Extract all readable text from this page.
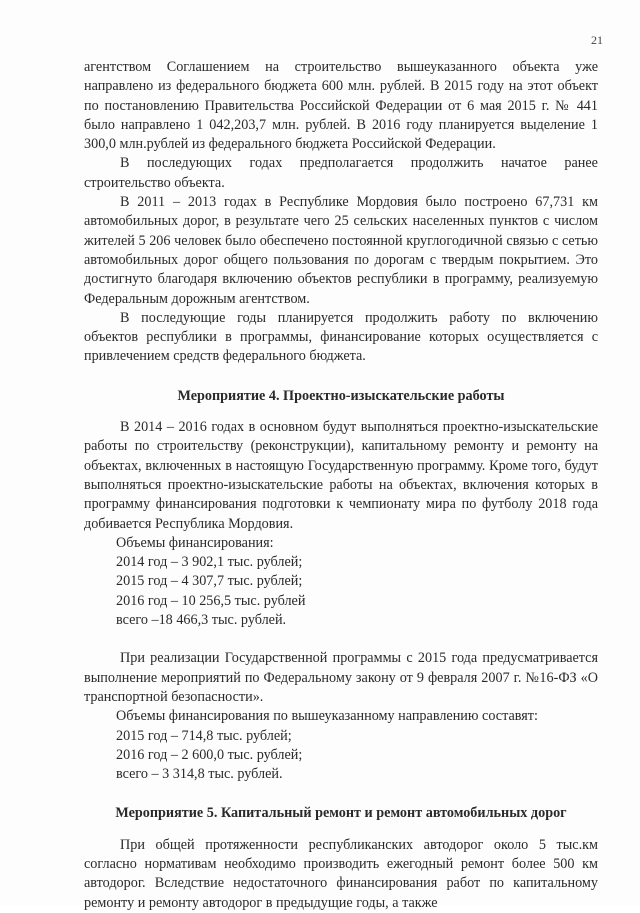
21

агентством Соглашением на строительство вышеуказанного объекта уже направлено из федерального бюджета 600 млн. рублей. В 2015 году на этот объект по постановлению Правительства Российской Федерации от 6 мая 2015 г. № 441 было направлено 1 042,203,7 млн. рублей. В 2016 году планируется выделение 1 300,0 млн.рублей из федерального бюджета Российской Федерации.

В последующих годах предполагается продолжить начатое ранее строительство объекта.

В 2011 – 2013 годах в Республике Мордовия было построено 67,731 км автомобильных дорог, в результате чего 25 сельских населенных пунктов с числом жителей 5 206 человек было обеспечено постоянной круглогодичной связью с сетью автомобильных дорог общего пользования по дорогам с твердым покрытием. Это достигнуто благодаря включению объектов республики в программу, реализуемую Федеральным дорожным агентством.

В последующие годы планируется продолжить работу по включению объектов республики в программы, финансирование которых осуществляется с привлечением средств федерального бюджета.

Мероприятие 4. Проектно-изыскательские работы

В 2014 – 2016 годах в основном будут выполняться проектно-изыскательские работы по строительству (реконструкции), капитальному ремонту и ремонту на объектах, включенных в настоящую Государственную программу. Кроме того, будут выполняться проектно-изыскательские работы на объектах, включения которых в программу финансирования подготовки к чемпионату мира по футболу 2018 года добивается Республика Мордовия.

Объемы финансирования:

2014 год – 3 902,1 тыс. рублей;

2015 год – 4 307,7 тыс. рублей;

2016 год – 10 256,5 тыс. рублей

всего –18 466,3 тыс. рублей.

При реализации Государственной программы с 2015 года предусматривается выполнение мероприятий по Федеральному закону от 9 февраля 2007 г. №16-ФЗ «О транспортной безопасности».

Объемы финансирования по вышеуказанному направлению составят:

2015 год – 714,8 тыс. рублей;

2016 год – 2 600,0 тыс. рублей;

всего – 3 314,8 тыс. рублей.

Мероприятие 5. Капитальный ремонт и ремонт автомобильных дорог

При общей протяженности республиканских автодорог около 5 тыс.км согласно нормативам необходимо производить ежегодный ремонт более 500 км автодорог. Вследствие недостаточного финансирования работ по капитальному ремонту и ремонту автодорог в предыдущие годы, а также
